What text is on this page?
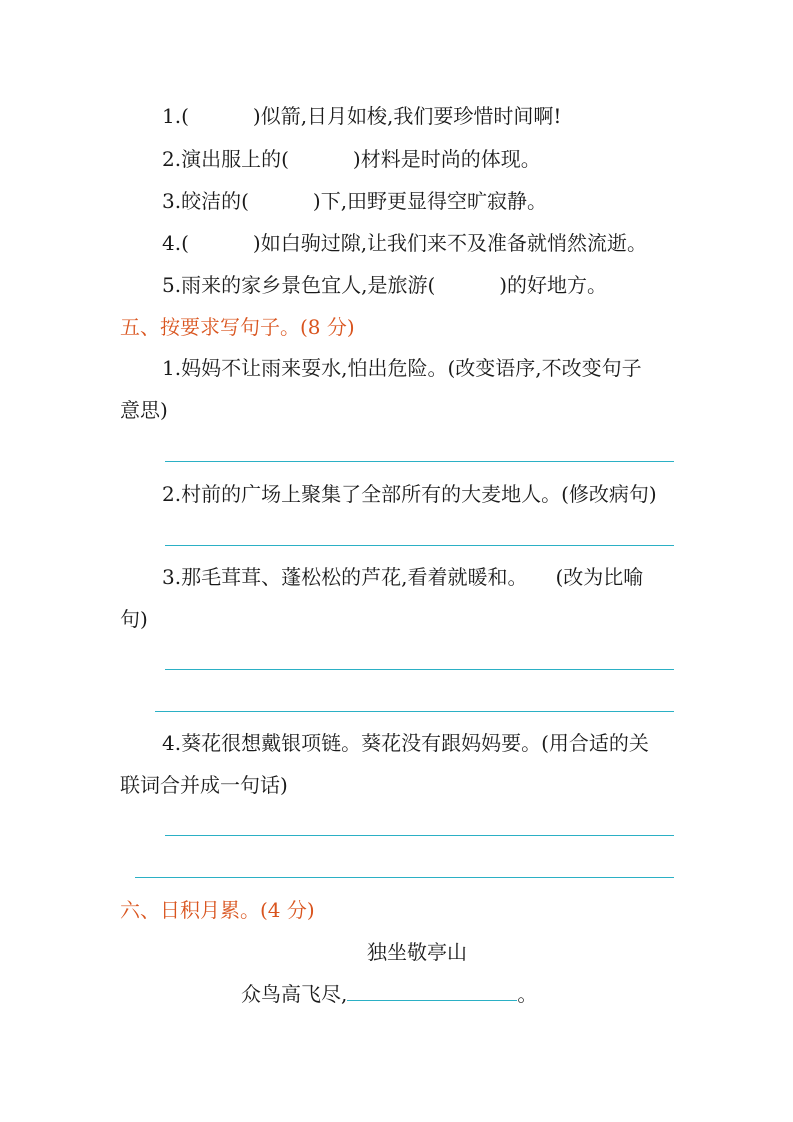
1.(	)似箭,日月如梭,我们要珍惜时间啊!
2.演出服上的(	)材料是时尚的体现。
3.皎洁的(	)下,田野更显得空旷寂静。
4.(	)如白驹过隙,让我们来不及准备就悄然流逝。
5.雨来的家乡景色宜人,是旅游(	)的好地方。
五、按要求写句子。(8 分)
1.妈妈不让雨来耍水,怕出危险。(改变语序,不改变句子
意思)
2.村前的广场上聚集了全部所有的大麦地人。(修改病句)
3.那毛茸茸、蓬松松的芦花,看着就暖和。 (改为比喻
句)
4.葵花很想戴银项链。葵花没有跟妈妈要。(用合适的关
联词合并成一句话)
六、日积月累。(4 分)
独坐敬亭山
众鸟高飞尽,	。
